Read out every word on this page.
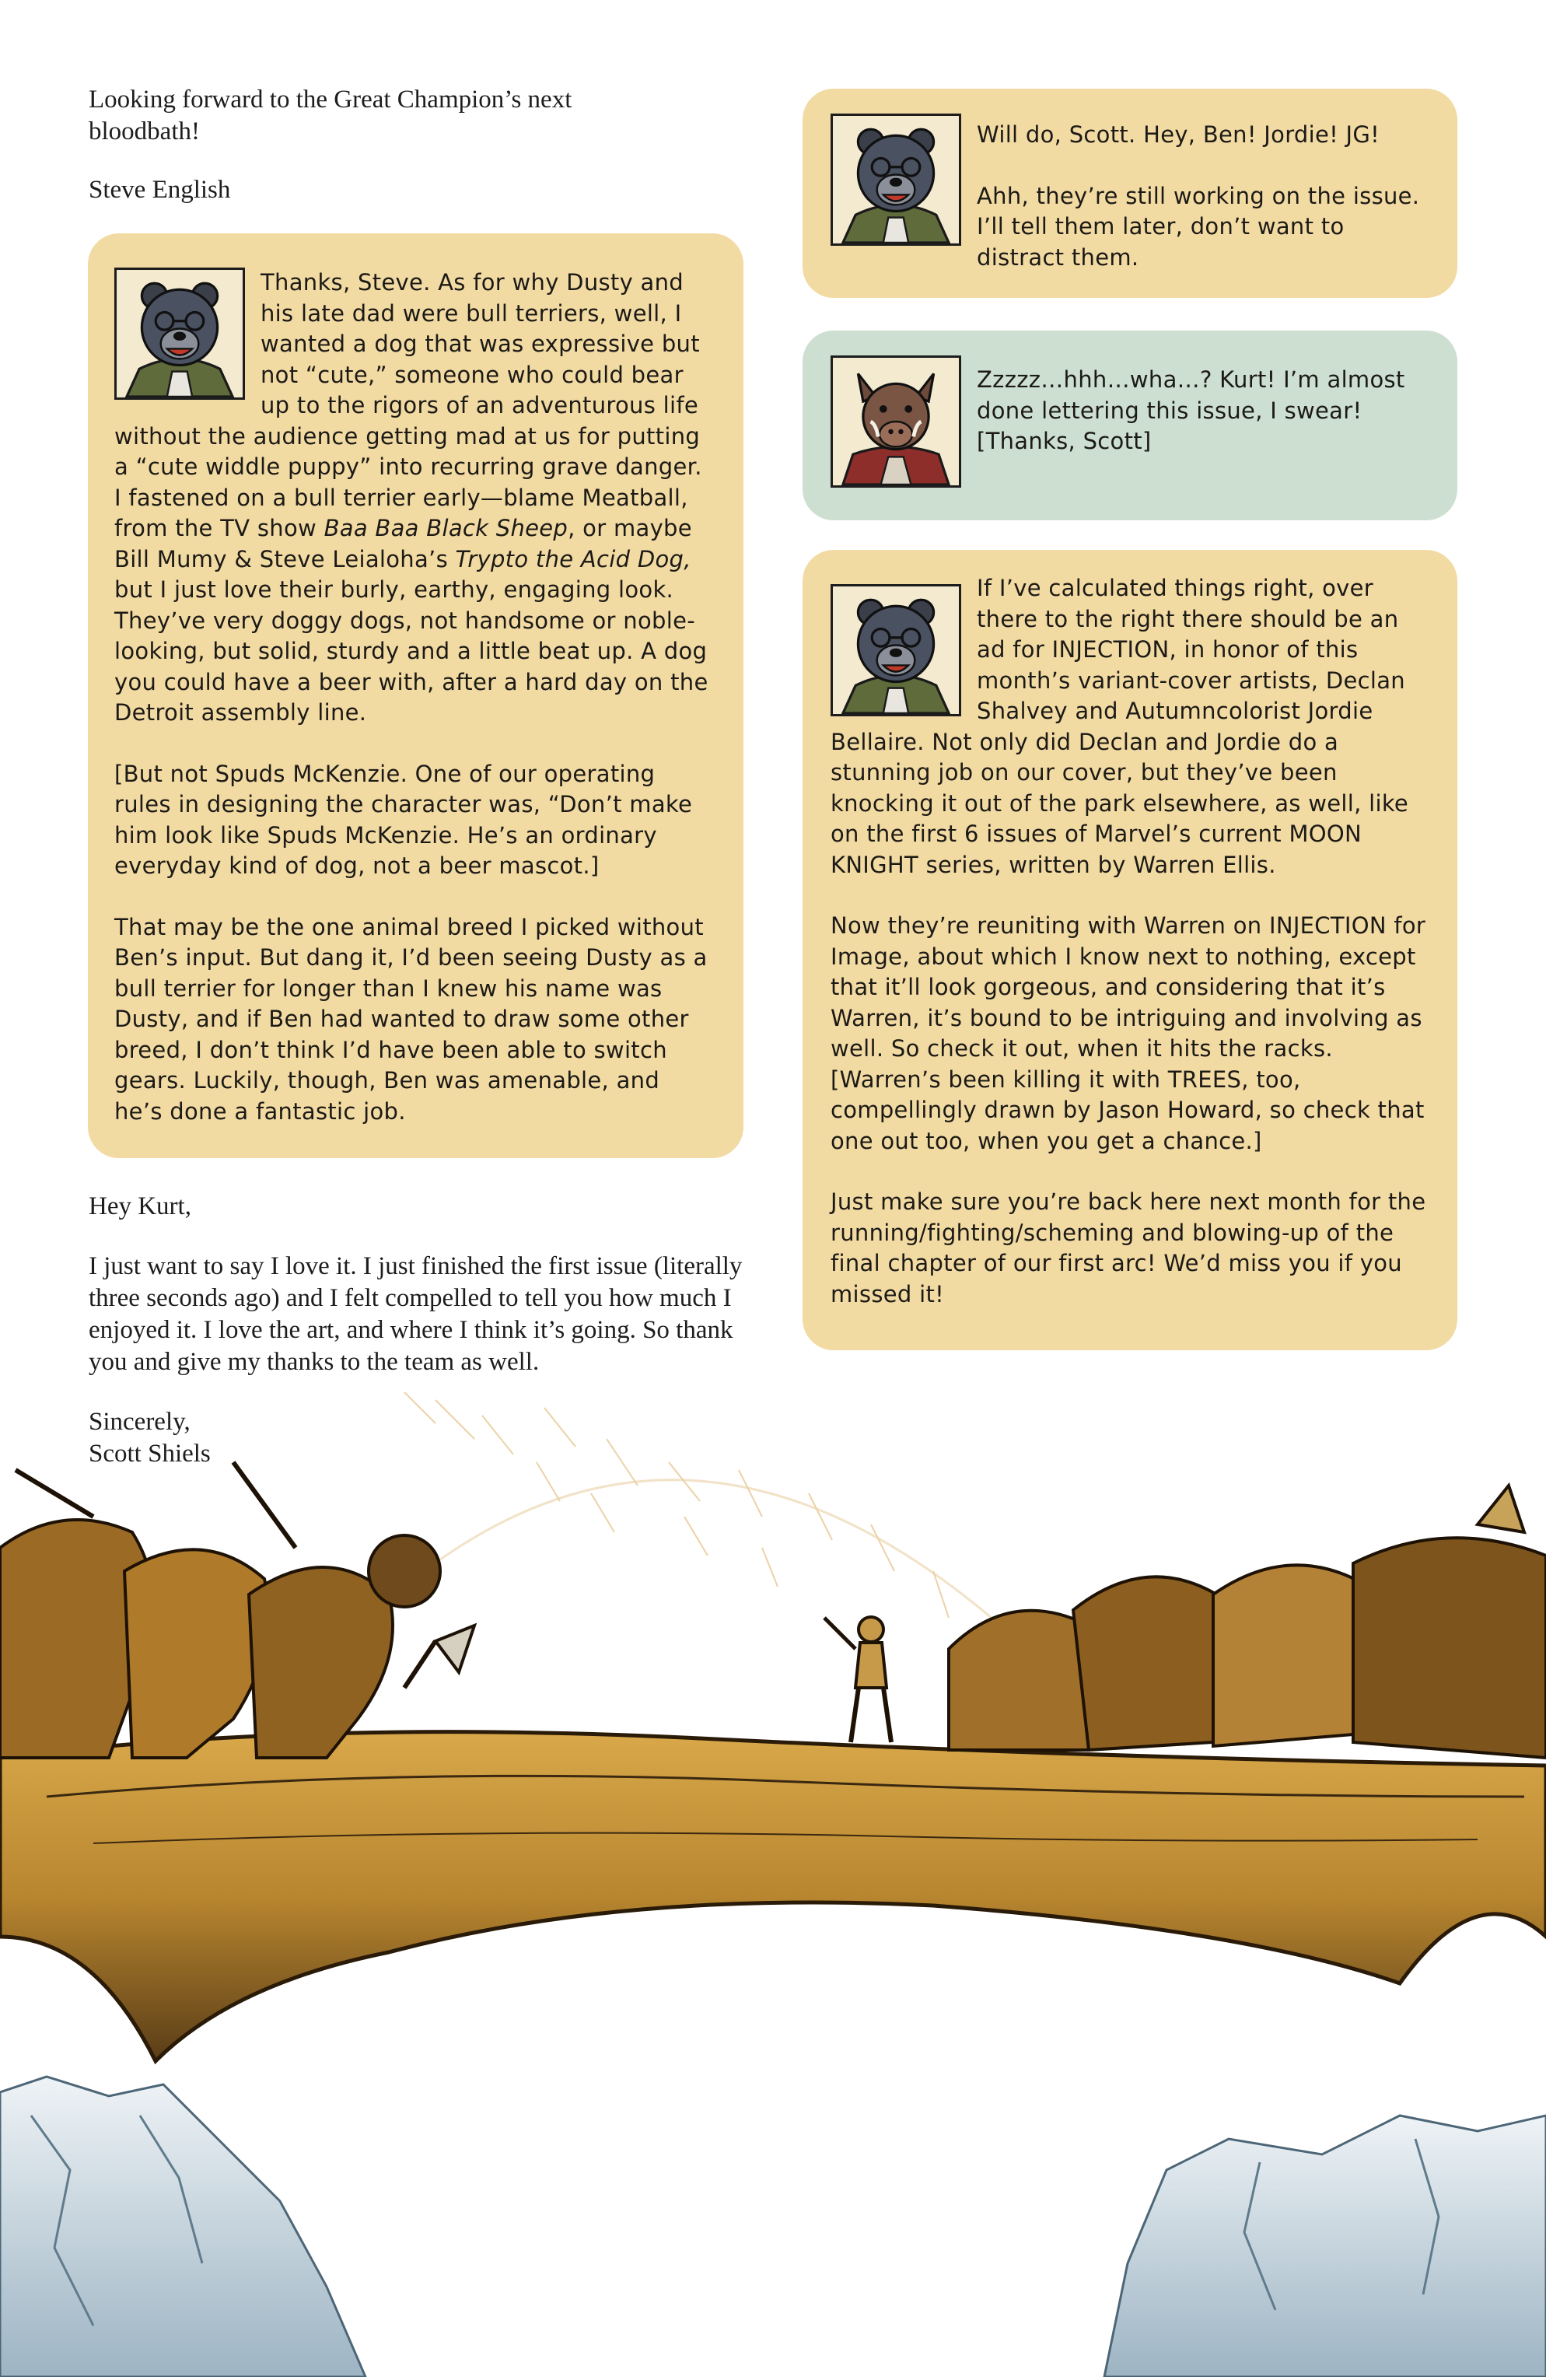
Looking forward to the Great Champion’s next bloodbath!

Steve English

Thanks, Steve. As for why Dusty and his late dad were bull terriers, well, I wanted a dog that was expressive but not “cute,” someone who could bear up to the rigors of an adventurous life without the audience getting mad at us for putting a “cute widdle puppy” into recurring grave danger. I fastened on a bull terrier early—blame Meatball, from the TV show Baa Baa Black Sheep, or maybe Bill Mumy & Steve Leialoha’s Trypto the Acid Dog, but I just love their burly, earthy, engaging look. They’ve very doggy dogs, not handsome or noble-looking, but solid, sturdy and a little beat up. A dog you could have a beer with, after a hard day on the Detroit assembly line.

[But not Spuds McKenzie. One of our operating rules in designing the character was, “Don’t make him look like Spuds McKenzie. He’s an ordinary everyday kind of dog, not a beer mascot.]

That may be the one animal breed I picked without Ben’s input. But dang it, I’d been seeing Dusty as a bull terrier for longer than I knew his name was Dusty, and if Ben had wanted to draw some other breed, I don’t think I’d have been able to switch gears. Luckily, though, Ben was amenable, and he’s done a fantastic job.

Hey Kurt,

I just want to say I love it. I just finished the first issue (literally three seconds ago) and I felt compelled to tell you how much I enjoyed it. I love the art, and where I think it’s going. So thank you and give my thanks to the team as well.

Sincerely,
Scott Shiels

Will do, Scott. Hey, Ben! Jordie! JG!

Ahh, they’re still working on the issue. I’ll tell them later, don’t want to distract them.

Zzzzz…hhh…wha…? Kurt! I’m almost done lettering this issue, I swear!
[Thanks, Scott]

If I’ve calculated things right, over there to the right there should be an ad for INJECTION, in honor of this month’s variant-cover artists, Declan Shalvey and Autumncolorist Jordie Bellaire. Not only did Declan and Jordie do a stunning job on our cover, but they’ve been knocking it out of the park elsewhere, as well, like on the first 6 issues of Marvel’s current MOON KNIGHT series, written by Warren Ellis.

Now they’re reuniting with Warren on INJECTION for Image, about which I know next to nothing, except that it’ll look gorgeous, and considering that it’s Warren, it’s bound to be intriguing and involving as well. So check it out, when it hits the racks. [Warren’s been killing it with TREES, too, compellingly drawn by Jason Howard, so check that one out too, when you get a chance.]

Just make sure you’re back here next month for the running/fighting/scheming and blowing-up of the final chapter of our first arc! We’d miss you if you missed it!
